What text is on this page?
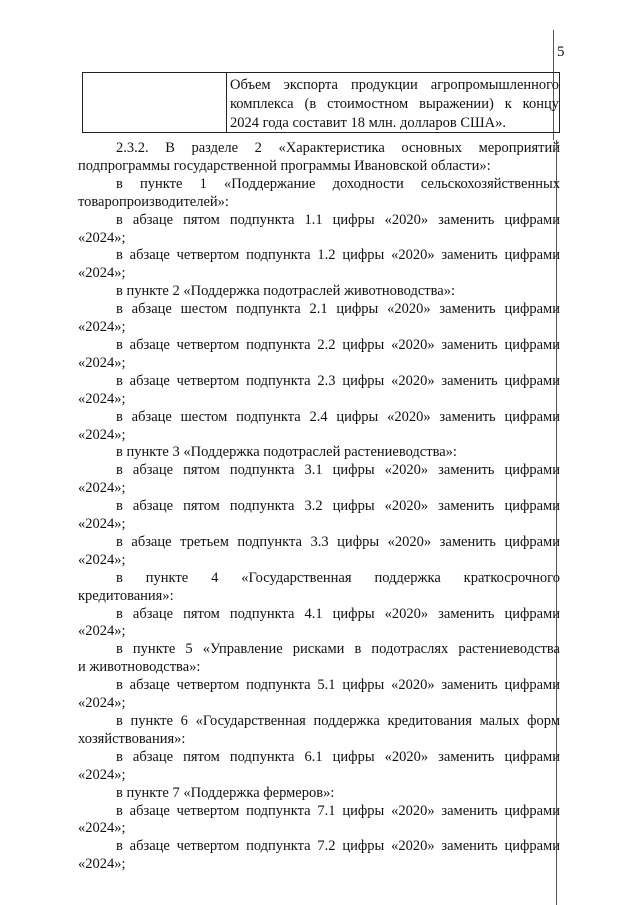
5
Объем экспорта продукции агропромышленного
комплекса (в стоимостном выражении) к концу
2024 года составит 18 млн. долларов США».
2.3.2. В разделе 2 «Характеристика основных мероприятий
подпрограммы государственной программы Ивановской области»:
в пункте 1 «Поддержание доходности сельскохозяйственных
товаропроизводителей»:
в абзаце пятом подпункта 1.1 цифры «2020» заменить цифрами
«2024»;
в абзаце четвертом подпункта 1.2 цифры «2020» заменить цифрами
«2024»;
в пункте 2 «Поддержка подотраслей животноводства»:
в абзаце шестом подпункта 2.1 цифры «2020» заменить цифрами
«2024»;
в абзаце четвертом подпункта 2.2 цифры «2020» заменить цифрами
«2024»;
в абзаце четвертом подпункта 2.3 цифры «2020» заменить цифрами
«2024»;
в абзаце шестом подпункта 2.4 цифры «2020» заменить цифрами
«2024»;
в пункте 3 «Поддержка подотраслей растениеводства»:
в абзаце пятом подпункта 3.1 цифры «2020» заменить цифрами
«2024»;
в абзаце пятом подпункта 3.2 цифры «2020» заменить цифрами
«2024»;
в абзаце третьем подпункта 3.3 цифры «2020» заменить цифрами
«2024»;
в пункте 4 «Государственная поддержка краткосрочного
кредитования»:
в абзаце пятом подпункта 4.1 цифры «2020» заменить цифрами
«2024»;
в пункте 5 «Управление рисками в подотраслях растениеводства
и животноводства»:
в абзаце четвертом подпункта 5.1 цифры «2020» заменить цифрами
«2024»;
в пункте 6 «Государственная поддержка кредитования малых форм
хозяйствования»:
в абзаце пятом подпункта 6.1 цифры «2020» заменить цифрами
«2024»;
в пункте 7 «Поддержка фермеров»:
в абзаце четвертом подпункта 7.1 цифры «2020» заменить цифрами
«2024»;
в абзаце четвертом подпункта 7.2 цифры «2020» заменить цифрами
«2024»;
